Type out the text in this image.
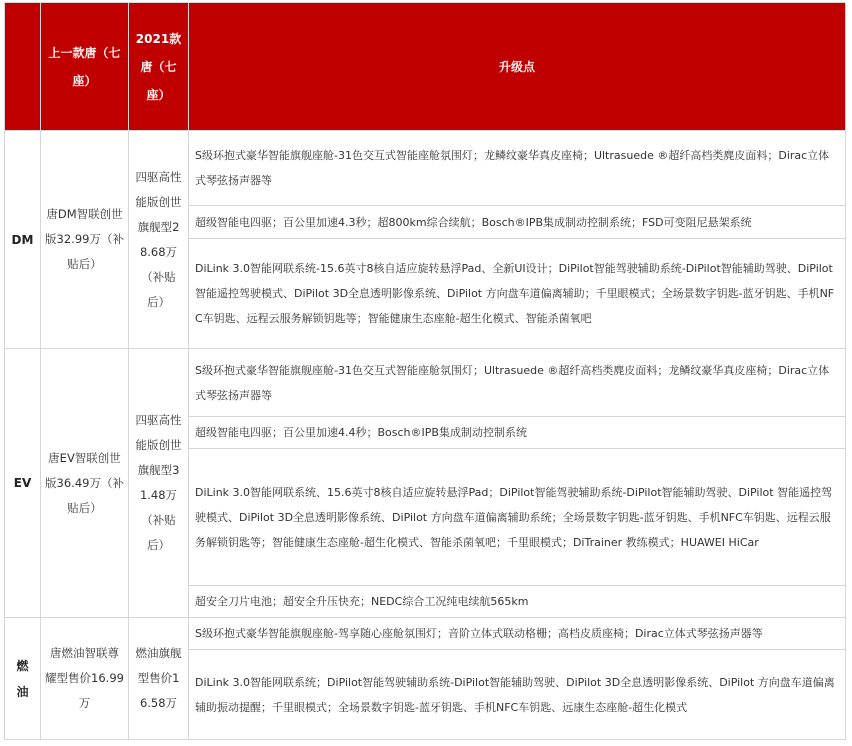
	上一款唐（七座）	2021款唐（七座）	升级点
DM	唐DM智联创世版32.99万（补贴后）	四驱高性能版创世旗舰型28.68万（补贴后）	S级环抱式豪华智能旗舰座舱-31色交互式智能座舱氛围灯；龙鳞纹豪华真皮座椅；Ultrasuede ®超纤高档类麂皮面料；Dirac立体式琴弦扬声器等
			超级智能电四驱；百公里加速4.3秒；超800km综合续航；Bosch®IPB集成制动控制系统；FSD可变阻尼悬架系统
			DiLink 3.0智能网联系统-15.6英寸8核自适应旋转悬浮Pad、全新UI设计；DiPilot智能驾驶辅助系统-DiPilot智能辅助驾驶、DiPilot 智能遥控驾驶模式、DiPilot 3D全息透明影像系统、DiPilot 方向盘车道偏离辅助；千里眼模式；全场景数字钥匙-蓝牙钥匙、手机NFC车钥匙、远程云服务解锁钥匙等；智能健康生态座舱-超生化模式、智能杀菌氧吧
EV	唐EV智联创世版36.49万（补贴后）	四驱高性能版创世旗舰型31.48万（补贴后）	S级环抱式豪华智能旗舰座舱-31色交互式智能座舱氛围灯；Ultrasuede ®超纤高档类麂皮面料；龙鳞纹豪华真皮座椅；Dirac立体式琴弦扬声器等
			超级智能电四驱；百公里加速4.4秒；Bosch®IPB集成制动控制系统
			DiLink 3.0智能网联系统、15.6英寸8核自适应旋转悬浮Pad；DiPilot智能驾驶辅助系统-DiPilot智能辅助驾驶、DiPilot 智能遥控驾驶模式、DiPilot 3D全息透明影像系统、DiPilot 方向盘车道偏离辅助系统；全场景数字钥匙-蓝牙钥匙、手机NFC车钥匙、远程云服务解锁钥匙等；智能健康生态座舱-超生化模式、智能杀菌氧吧；千里眼模式；DiTrainer 教练模式；HUAWEI HiCar
			超安全刀片电池；超安全升压快充；NEDC综合工况纯电续航565km
燃油	唐燃油智联尊耀型售价16.99万	燃油旗舰型售价16.58万	S级环抱式豪华智能旗舰座舱-驾享随心座舱氛围灯；音阶立体式联动格栅；高档皮质座椅；Dirac立体式琴弦扬声器等
			DiLink 3.0智能网联系统；DiPilot智能驾驶辅助系统-DiPilot智能辅助驾驶、DiPilot 3D全息透明影像系统、DiPilot 方向盘车道偏离辅助振动提醒；千里眼模式；全场景数字钥匙-蓝牙钥匙、手机NFC车钥匙、远康生态座舱-超生化模式
